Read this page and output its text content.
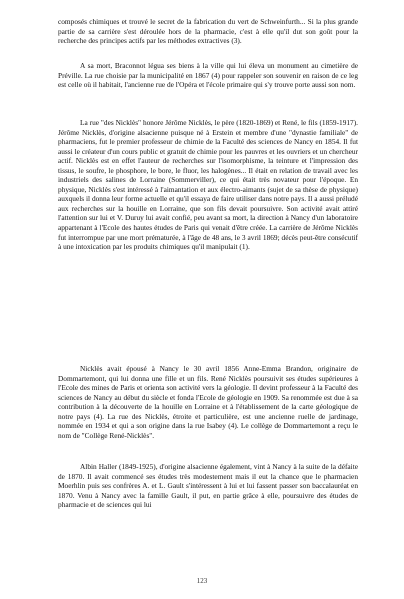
composés chimiques et trouvé le secret de la fabrication du vert de Schweinfurth... Si la plus grande partie de sa carrière s'est déroulée hors de la pharmacie, c'est à elle qu'il dut son goût pour la recherche des principes actifs par les méthodes extractives (3).

A sa mort, Braconnot légua ses biens à la ville qui lui éleva un monument au cimetière de Préville. La rue choisie par la municipalité en 1867 (4) pour rappeler son souvenir en raison de ce leg est celle où il habitait, l'ancienne rue de l'Opéra et l'école primaire qui s'y trouve porte aussi son nom.

La rue "des Nicklès" honore Jérôme Nicklès, le père (1820-1869) et René, le fils (1859-1917). Jérôme Nicklès, d'origine alsacienne puisque né à Erstein et membre d'une "dynastie familiale" de pharmaciens, fut le premier professeur de chimie de la Faculté des sciences de Nancy en 1854. Il fut aussi le créateur d'un cours public et gratuit de chimie pour les pauvres et les ouvriers et un chercheur actif. Nicklès est en effet l'auteur de recherches sur l'isomorphisme, la teinture et l'impression des tissus, le soufre, le phosphore, le bore, le fluor, les halogènes... Il était en relation de travail avec les industriels des salines de Lorraine (Sommerviller), ce qui était très novateur pour l'époque. En physique, Nicklès s'est intéressé à l'aimantation et aux électro-aimants (sujet de sa thèse de physique) auxquels il donna leur forme actuelle et qu'il essaya de faire utiliser dans notre pays. Il a aussi préludé aux recherches sur la houille en Lorraine, que son fils devait poursuivre. Son activité avait attiré l'attention sur lui et V. Duruy lui avait confié, peu avant sa mort, la direction à Nancy d'un laboratoire appartenant à l'Ecole des hautes études de Paris qui venait d'être créée. La carrière de Jérôme Nicklès fut interrompue par une mort prématurée, à l'âge de 48 ans, le 3 avril 1869; décès peut-être consécutif à une intoxication par les produits chimiques qu'il manipulait (1).

Nicklès avait épousé à Nancy le 30 avril 1856 Anne-Emma Brandon, originaire de Dommartemont, qui lui donna une fille et un fils. René Nicklès poursuivit ses études supérieures à l'Ecole des mines de Paris et orienta son activité vers la géologie. Il devint professeur à la Faculté des sciences de Nancy au début du siècle et fonda l'Ecole de géologie en 1909. Sa renommée est due à sa contribution à la découverte de la houille en Lorraine et à l'établissement de la carte géologique de notre pays (4). La rue des Nicklès, étroite et particulière, est une ancienne ruelle de jardinage, nommée en 1934 et qui a son origine dans la rue Isabey (4). Le collège de Dommartemont a reçu le nom de "Collège René-Nicklès".

Albin Haller (1849-1925), d'origine alsacienne également, vint à Nancy à la suite de la défaite de 1870. Il avait commencé ses études très modestement mais il eut la chance que le pharmacien Moerhlin puis ses confrères A. et L. Gault s'intéressent à lui et lui fassent passer son baccalauréat en 1870. Venu à Nancy avec la famille Gault, il put, en partie grâce à elle, poursuivre des études de pharmacie et de sciences qui lui

123
